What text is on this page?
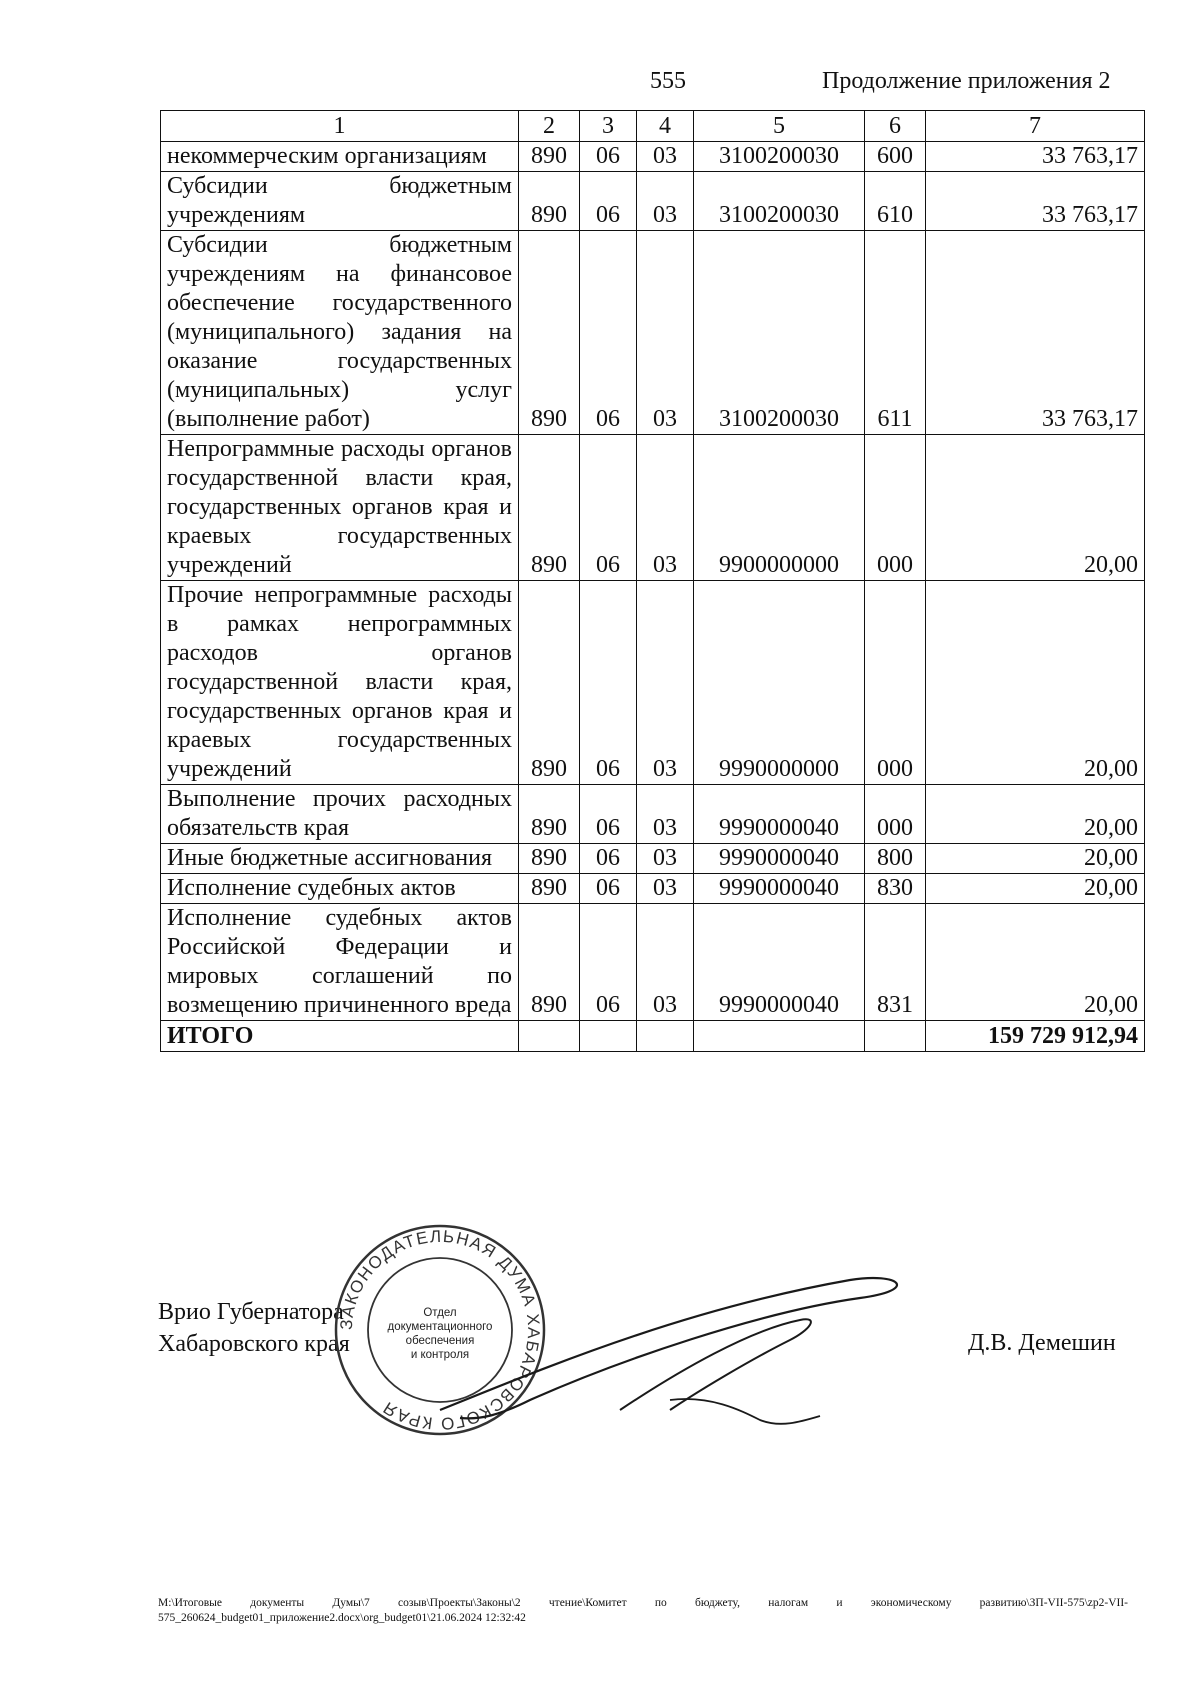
555	Продолжение приложения 2
1	2	3	4	5	6	7
некоммерческим организациям	890	06	03	3100200030	600	33 763,17
Субсидии бюджетным учреждениям	890	06	03	3100200030	610	33 763,17
Субсидии бюджетным учреждениям на финансовое обеспечение государственного (муниципального) задания на оказание государственных (муниципальных) услуг (выполнение работ)	890	06	03	3100200030	611	33 763,17
Непрограммные расходы органов государственной власти края, государственных органов края и краевых государственных учреждений	890	06	03	9900000000	000	20,00
Прочие непрограммные расходы в рамках непрограммных расходов органов государственной власти края, государственных органов края и краевых государственных учреждений	890	06	03	9990000000	000	20,00
Выполнение прочих расходных обязательств края	890	06	03	9990000040	000	20,00
Иные бюджетные ассигнования	890	06	03	9990000040	800	20,00
Исполнение судебных актов	890	06	03	9990000040	830	20,00
Исполнение судебных актов Российской Федерации и мировых соглашений по возмещению причиненного вреда	890	06	03	9990000040	831	20,00
ИТОГО						159 729 912,94
Врио Губернатора
Хабаровского края	Д.В. Демешин
ЗАКОНОДАТЕЛЬНАЯ ДУМА ХАБАРОВСКОГО КРАЯ
Отдел
документационного
обеспечения
и контроля
M:\Итоговые документы Думы\7 созыв\Проекты\Законы\2 чтение\Комитет по бюджету, налогам и экономическому развитию\ЗП-VII-575\zp2-VII-575_260624_budget01_приложение2.docx\org_budget01\21.06.2024 12:32:42
